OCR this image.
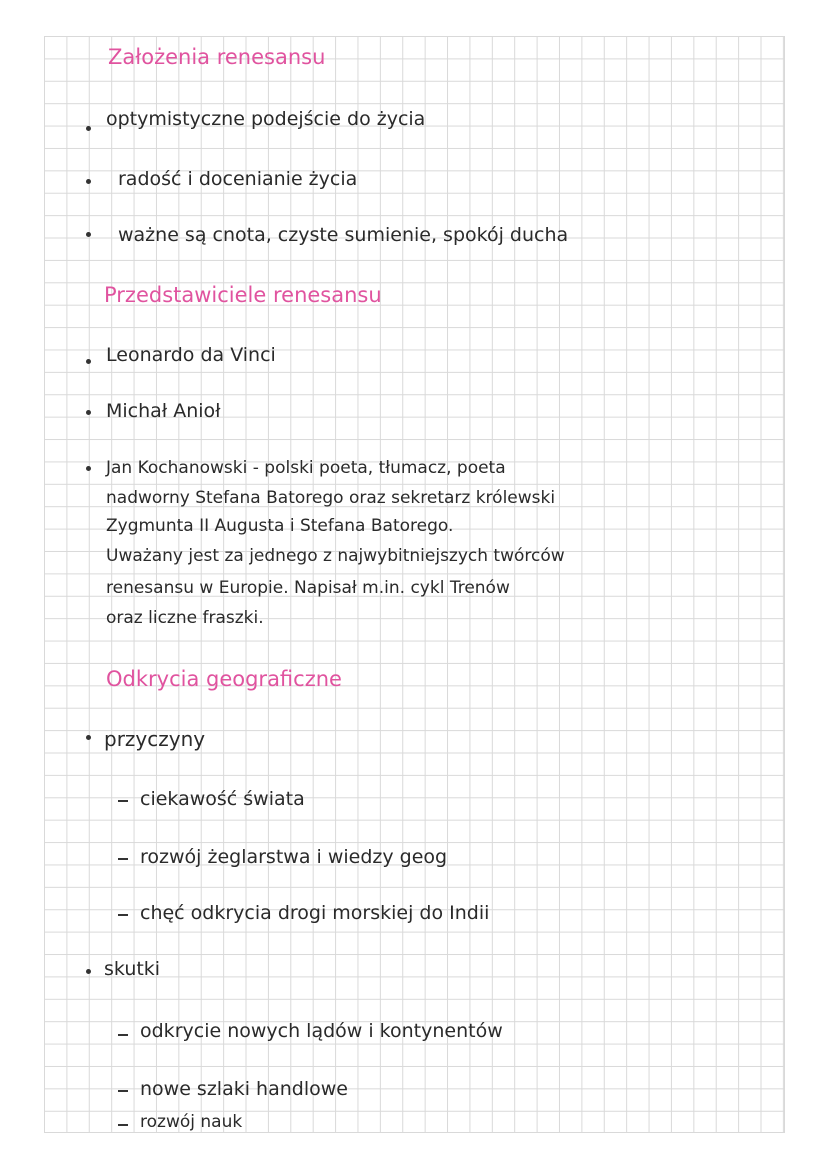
Założenia renesansu

optymistyczne podejście do życia

radość i docenianie życia

ważne są cnota, czyste sumienie, spokój ducha

Przedstawiciele renesansu

Leonardo da Vinci

Michał Anioł

Jan Kochanowski - polski poeta, tłumacz, poeta

nadworny Stefana Batorego oraz sekretarz królewski

Zygmunta II Augusta i Stefana Batorego.

Uważany jest za jednego z najwybitniejszych twórców

renesansu w Europie. Napisał m.in. cykl Trenów

oraz liczne fraszki.

Odkrycia geograficzne

przyczyny

ciekawość świata

rozwój żeglarstwa i wiedzy geog

chęć odkrycia drogi morskiej do Indii

skutki

odkrycie nowych lądów i kontynentów

nowe szlaki handlowe

rozwój nauk
